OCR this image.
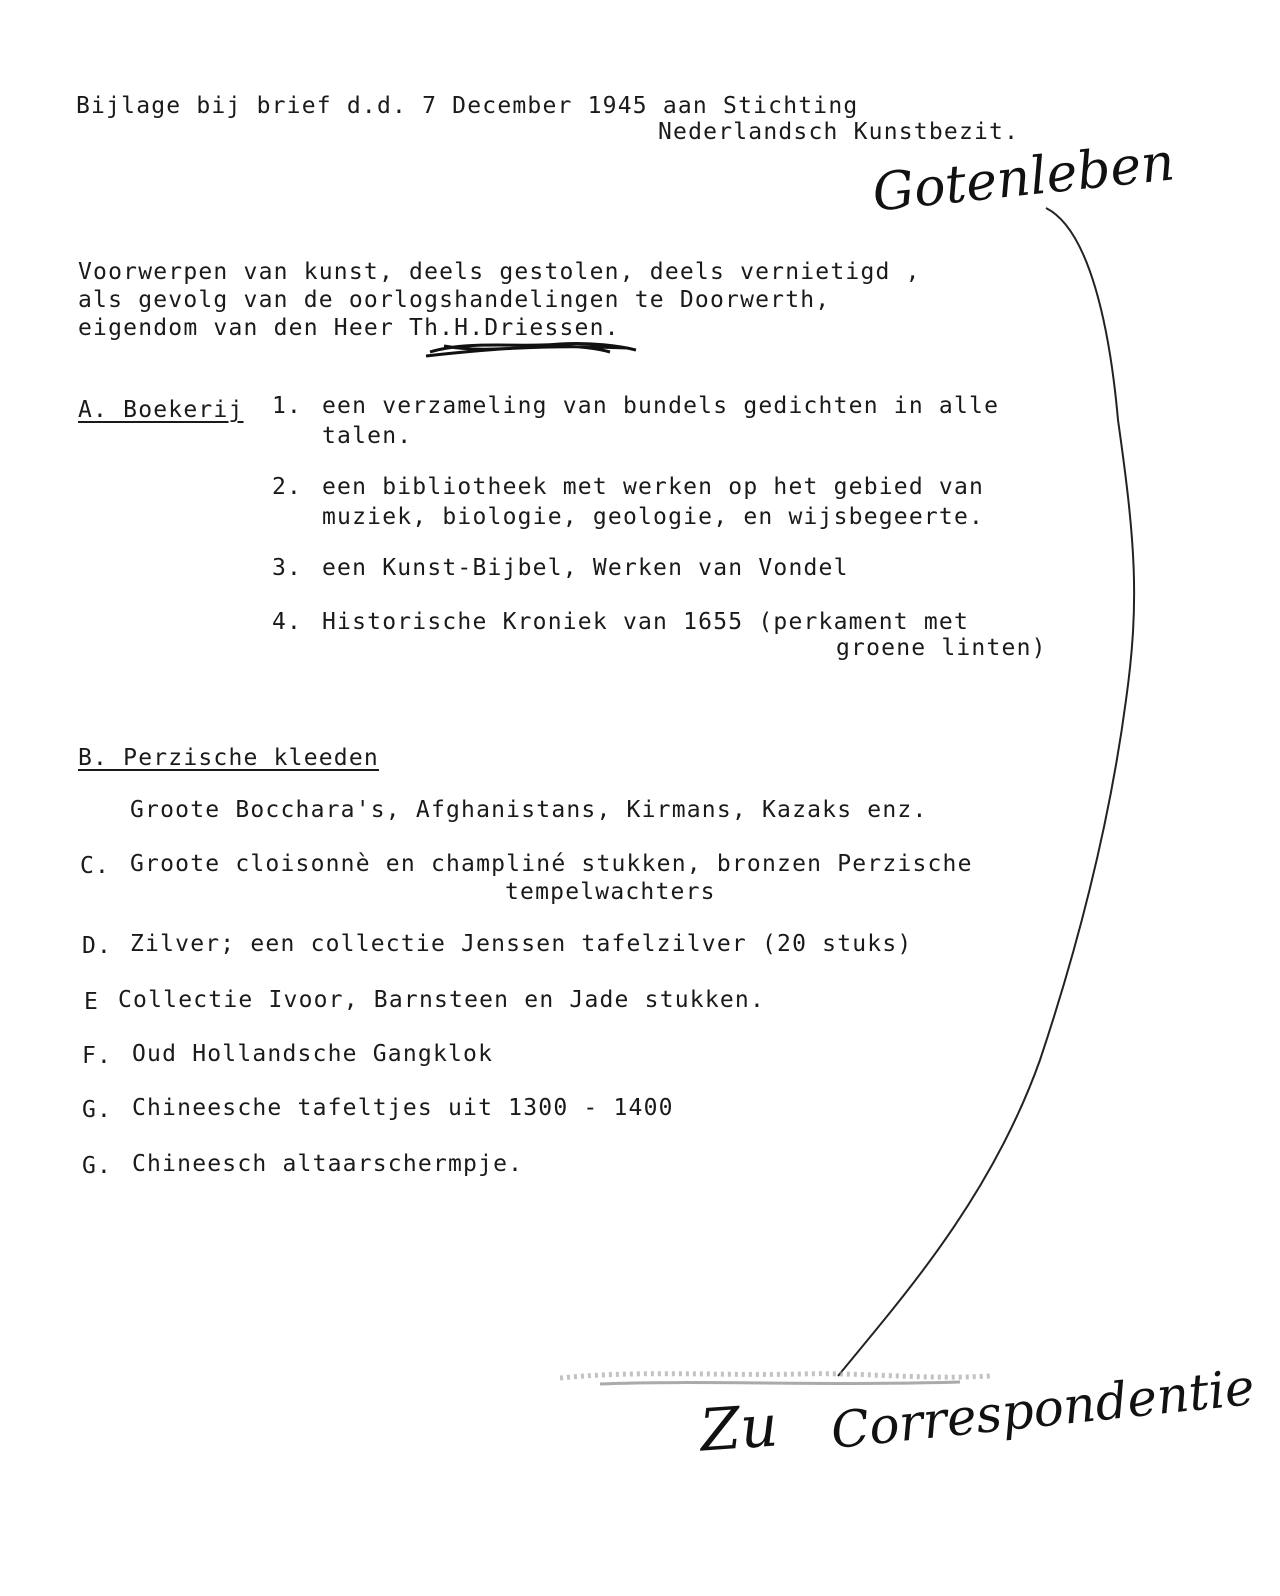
Bijlage bij brief d.d. 7 December 1945 aan Stichting
Nederlandsch Kunstbezit.
Gotenleben
Voorwerpen van kunst, deels gestolen, deels vernietigd ,
als gevolg van de oorlogshandelingen te Doorwerth,
eigendom van den Heer Th.H.Driessen.
A. Boekerij 1. een verzameling van bundels gedichten in alle
talen.
2. een bibliotheek met werken op het gebied van
muziek, biologie, geologie, en wijsbegeerte.
3. een Kunst-Bijbel, Werken van Vondel
4. Historische Kroniek van 1655 (perkament met
groene linten)
B. Perzische kleeden
Groote Bocchara's, Afghanistans, Kirmans, Kazaks enz.
C. Groote cloisonnè en champliné stukken, bronzen Perzische
tempelwachters
D. Zilver; een collectie Jenssen tafelzilver (20 stuks)
E Collectie Ivoor, Barnsteen en Jade stukken.
F. Oud Hollandsche Gangklok
G. Chineesche tafeltjes uit 1300 - 1400
G. Chineesch altaarschermpje.
Zu Correspondentie
